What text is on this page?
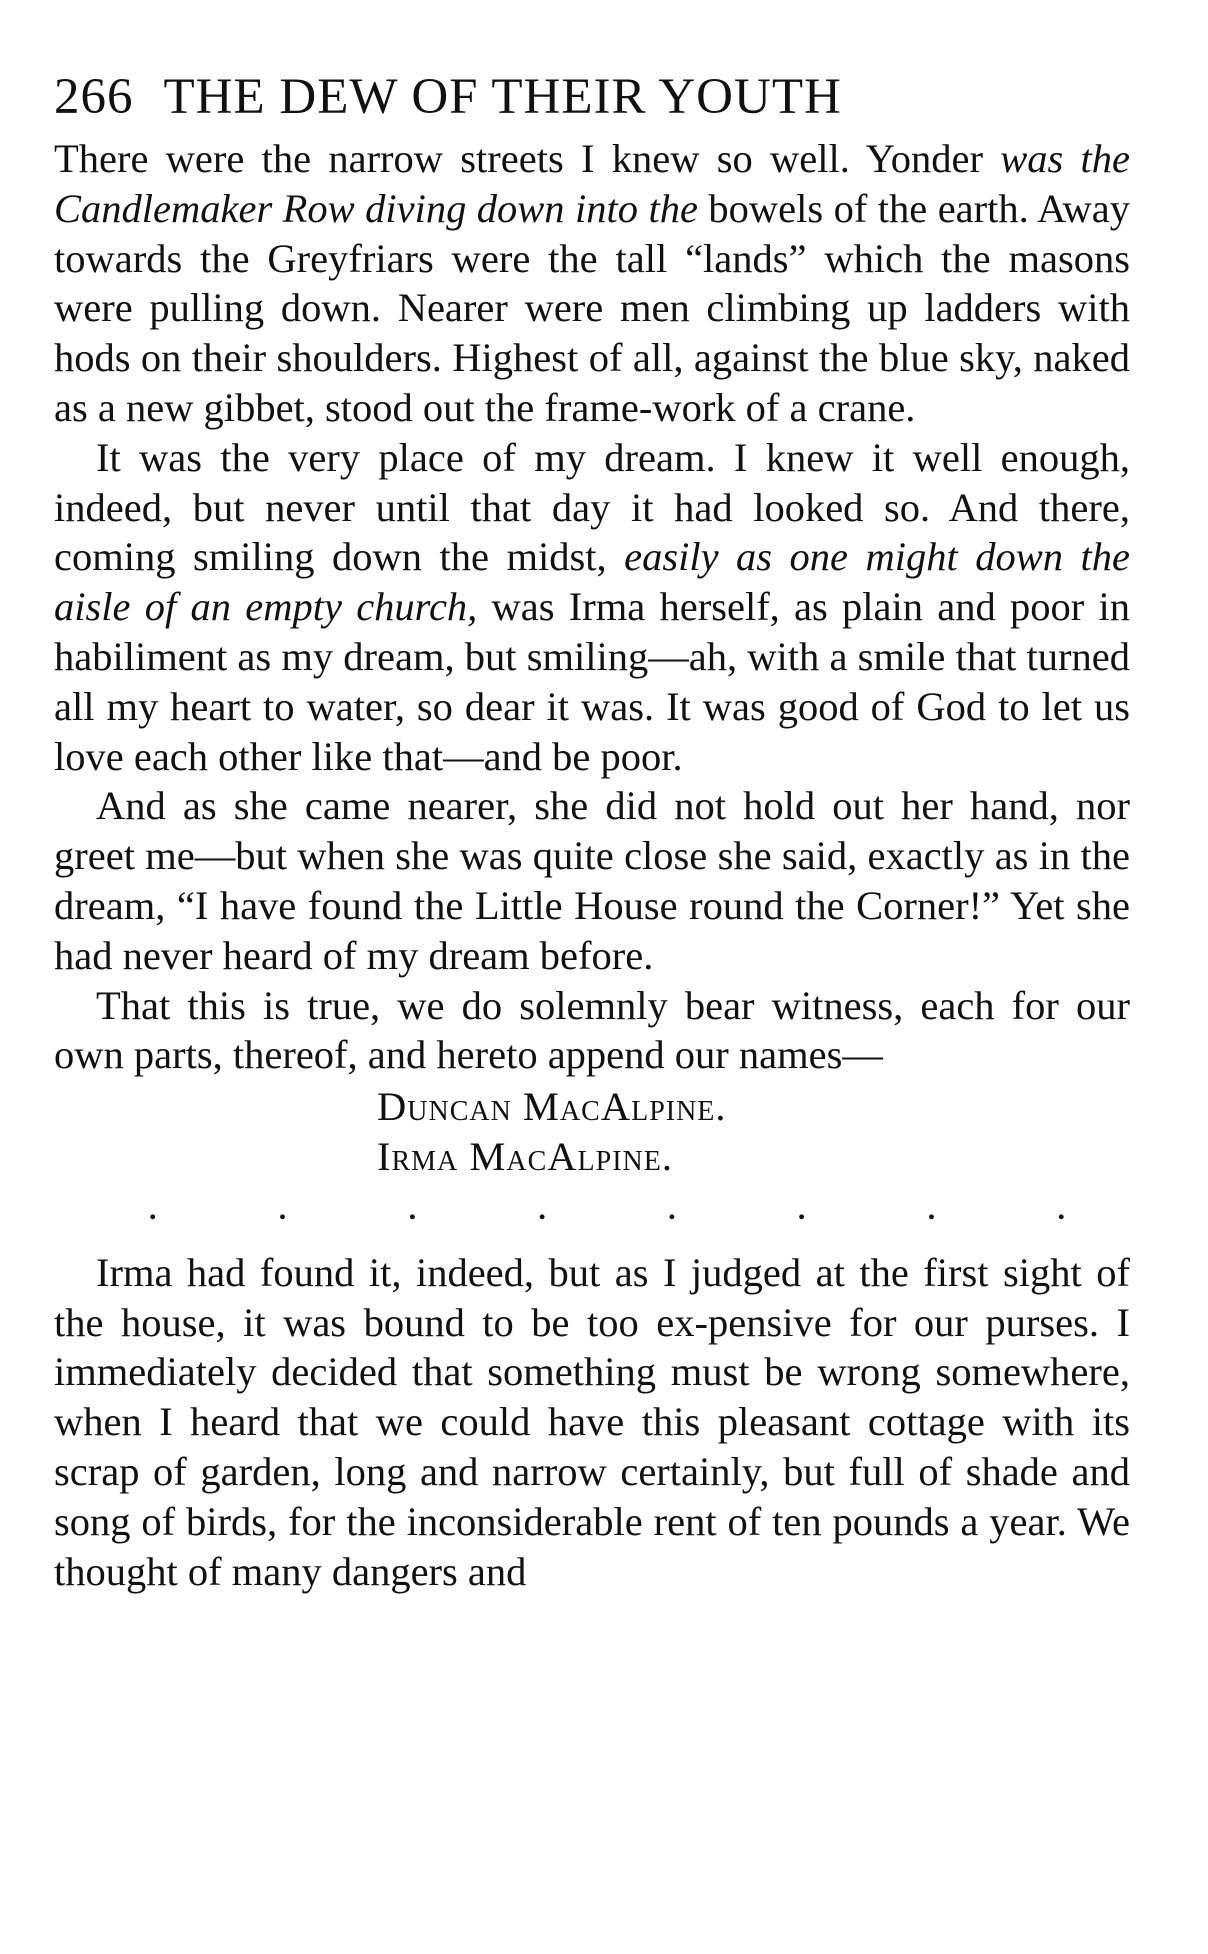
266 THE DEW OF THEIR YOUTH

There were the narrow streets I knew so well. Yonder was the Candlemaker Row diving down into the bowels of the earth. Away towards the Greyfriars were the tall “lands” which the masons were pulling down. Nearer were men climbing up ladders with hods on their shoulders. Highest of all, against the blue sky, naked as a new gibbet, stood out the frame-work of a crane.

It was the very place of my dream. I knew it well enough, indeed, but never until that day it had looked so. And there, coming smiling down the midst, easily as one might down the aisle of an empty church, was Irma herself, as plain and poor in habiliment as my dream, but smiling—ah, with a smile that turned all my heart to water, so dear it was. It was good of God to let us love each other like that—and be poor.

And as she came nearer, she did not hold out her hand, nor greet me—but when she was quite close she said, exactly as in the dream, “I have found the Little House round the Corner!” Yet she had never heard of my dream before.

That this is true, we do solemnly bear witness, each for our own parts, thereof, and hereto append our names—

Duncan MacAlpine.
Irma MacAlpine.
.	.	.	.	.	.	.	.

Irma had found it, indeed, but as I judged at the first sight of the house, it was bound to be too ex-pensive for our purses. I immediately decided that something must be wrong somewhere, when I heard that we could have this pleasant cottage with its scrap of garden, long and narrow certainly, but full of shade and song of birds, for the inconsiderable rent of ten pounds a year. We thought of many dangers and
